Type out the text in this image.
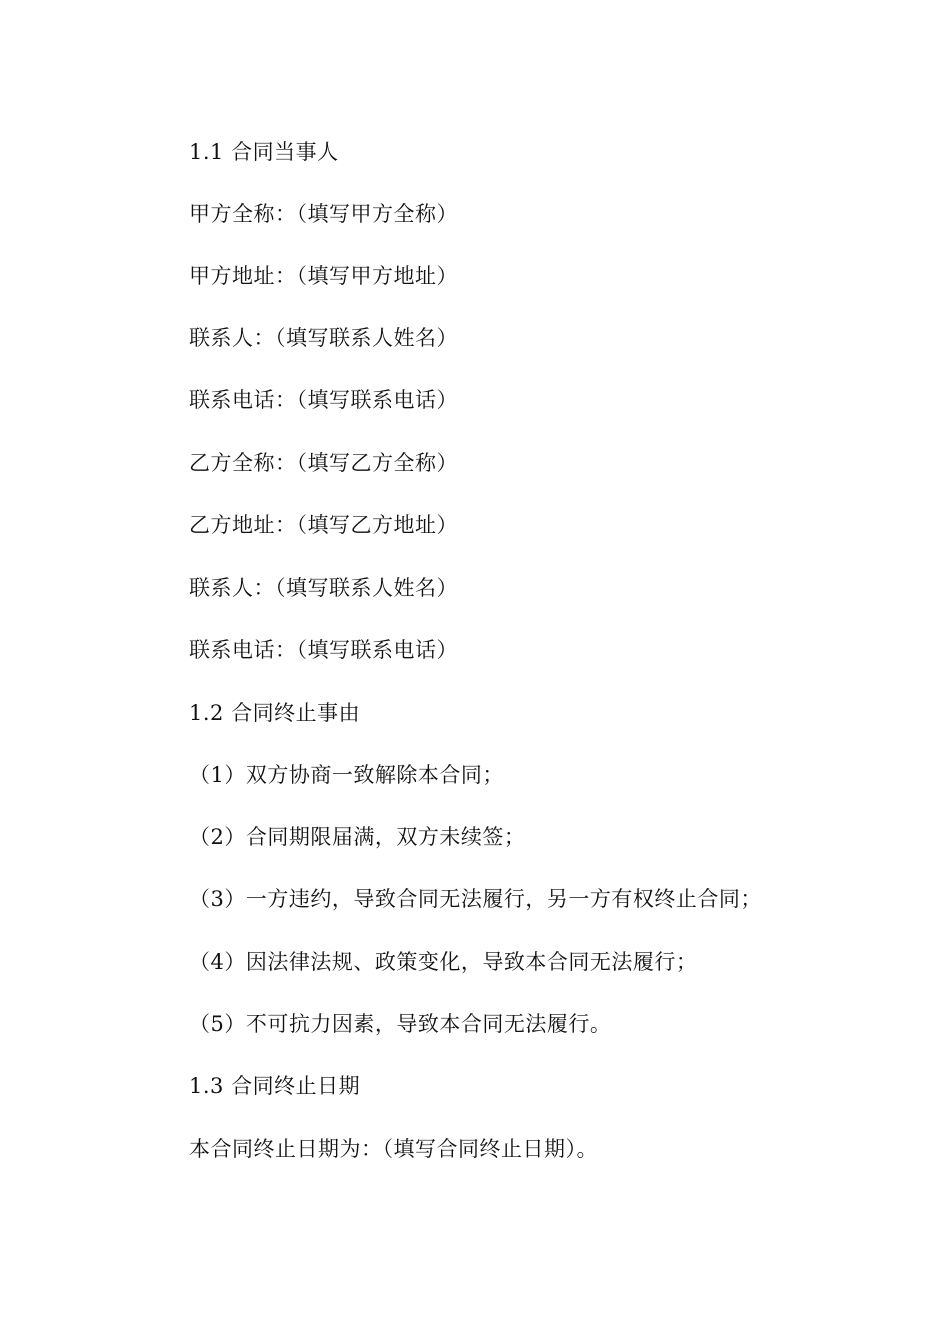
1.1 合同当事人
甲方全称：（填写甲方全称）
甲方地址：（填写甲方地址）
联系人：（填写联系人姓名）
联系电话：（填写联系电话）
乙方全称：（填写乙方全称）
乙方地址：（填写乙方地址）
联系人：（填写联系人姓名）
联系电话：（填写联系电话）
1.2 合同终止事由
（1）双方协商一致解除本合同；
（2）合同期限届满，双方未续签；
（3）一方违约，导致合同无法履行，另一方有权终止合同；
（4）因法律法规、政策变化，导致本合同无法履行；
（5）不可抗力因素，导致本合同无法履行。
1.3 合同终止日期
本合同终止日期为：（填写合同终止日期）。
